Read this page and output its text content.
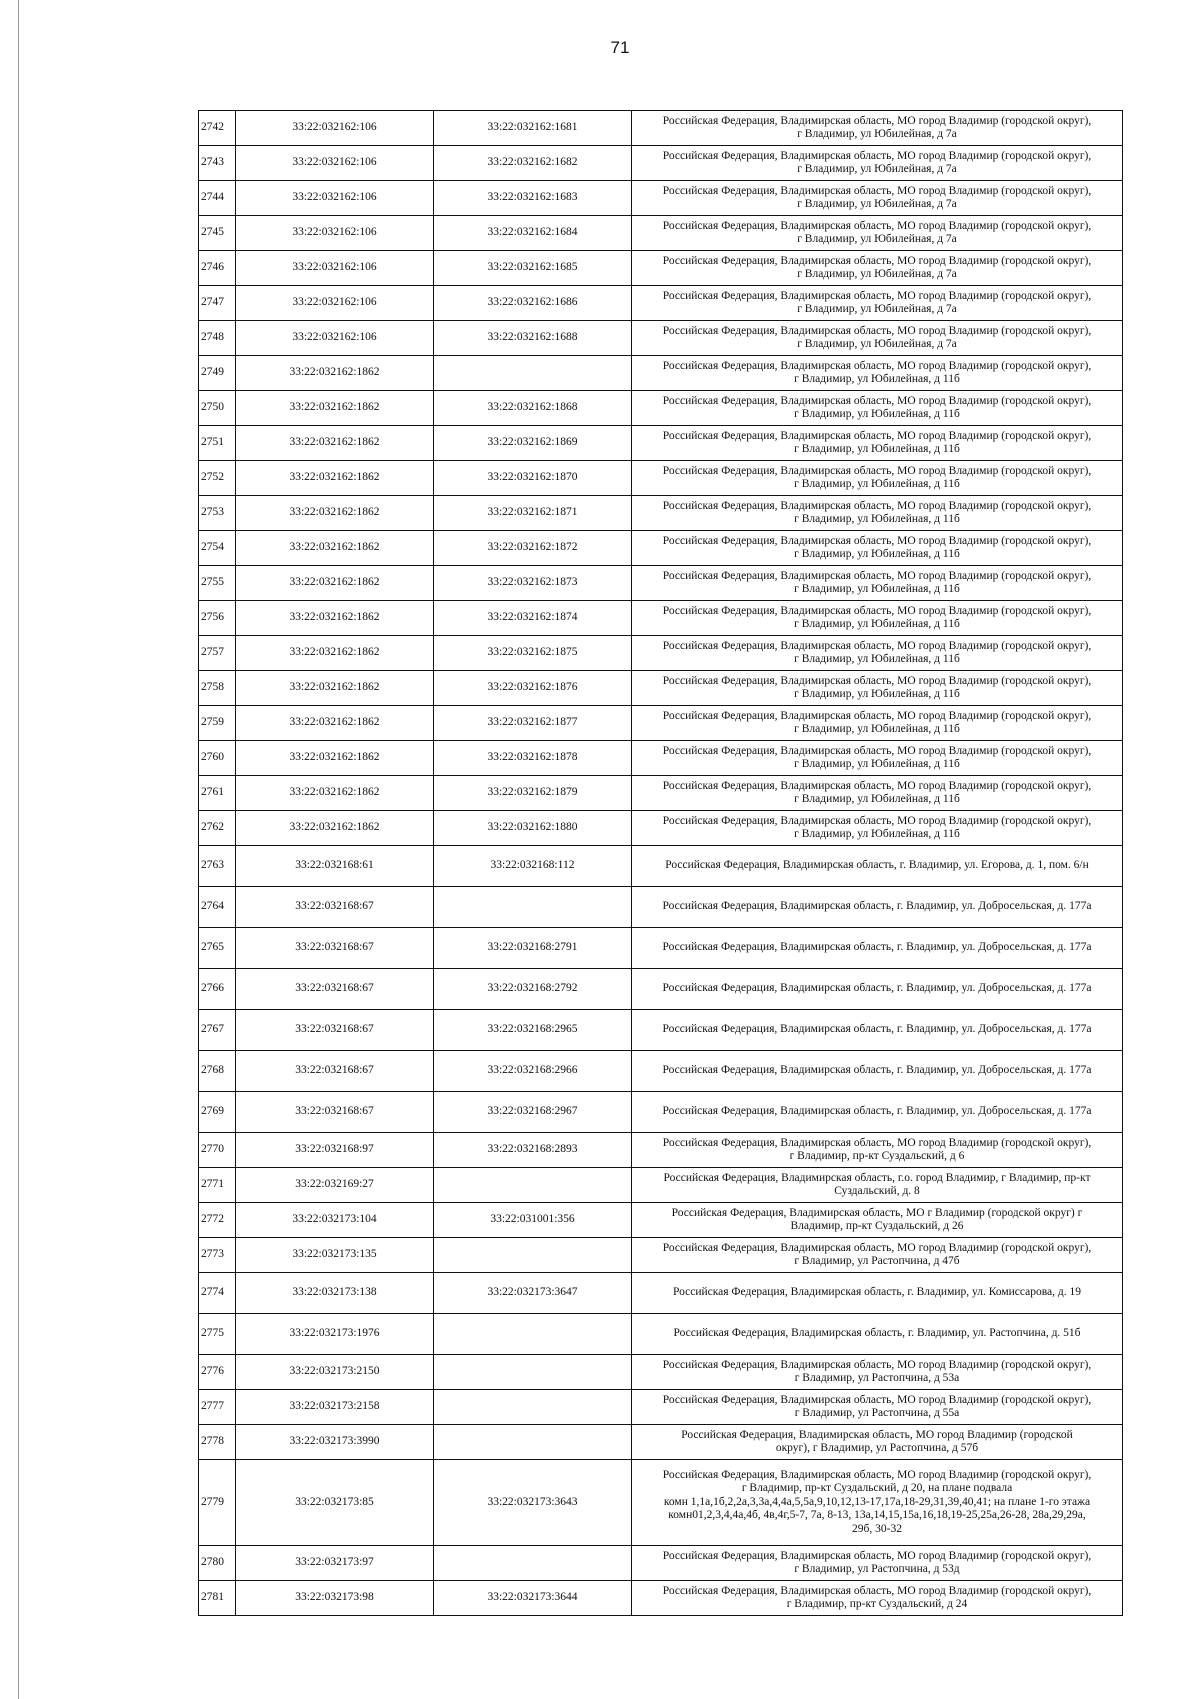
71
2742	33:22:032162:106	33:22:032162:1681	Российская Федерация, Владимирская область, МО город Владимир (городской округ),
г Владимир, ул Юбилейная, д 7а

2743	33:22:032162:106	33:22:032162:1682	Российская Федерация, Владимирская область, МО город Владимир (городской округ),
г Владимир, ул Юбилейная, д 7а

2744	33:22:032162:106	33:22:032162:1683	Российская Федерация, Владимирская область, МО город Владимир (городской округ),
г Владимир, ул Юбилейная, д 7а

2745	33:22:032162:106	33:22:032162:1684	Российская Федерация, Владимирская область, МО город Владимир (городской округ),
г Владимир, ул Юбилейная, д 7а

2746	33:22:032162:106	33:22:032162:1685	Российская Федерация, Владимирская область, МО город Владимир (городской округ),
г Владимир, ул Юбилейная, д 7а

2747	33:22:032162:106	33:22:032162:1686	Российская Федерация, Владимирская область, МО город Владимир (городской округ),
г Владимир, ул Юбилейная, д 7а

2748	33:22:032162:106	33:22:032162:1688	Российская Федерация, Владимирская область, МО город Владимир (городской округ),
г Владимир, ул Юбилейная, д 7а

2749	33:22:032162:1862		Российская Федерация, Владимирская область, МО город Владимир (городской округ),
г Владимир, ул Юбилейная, д 11б

2750	33:22:032162:1862	33:22:032162:1868	Российская Федерация, Владимирская область, МО город Владимир (городской округ),
г Владимир, ул Юбилейная, д 11б

2751	33:22:032162:1862	33:22:032162:1869	Российская Федерация, Владимирская область, МО город Владимир (городской округ),
г Владимир, ул Юбилейная, д 11б

2752	33:22:032162:1862	33:22:032162:1870	Российская Федерация, Владимирская область, МО город Владимир (городской округ),
г Владимир, ул Юбилейная, д 11б

2753	33:22:032162:1862	33:22:032162:1871	Российская Федерация, Владимирская область, МО город Владимир (городской округ),
г Владимир, ул Юбилейная, д 11б

2754	33:22:032162:1862	33:22:032162:1872	Российская Федерация, Владимирская область, МО город Владимир (городской округ),
г Владимир, ул Юбилейная, д 11б

2755	33:22:032162:1862	33:22:032162:1873	Российская Федерация, Владимирская область, МО город Владимир (городской округ),
г Владимир, ул Юбилейная, д 11б

2756	33:22:032162:1862	33:22:032162:1874	Российская Федерация, Владимирская область, МО город Владимир (городской округ),
г Владимир, ул Юбилейная, д 11б

2757	33:22:032162:1862	33:22:032162:1875	Российская Федерация, Владимирская область, МО город Владимир (городской округ),
г Владимир, ул Юбилейная, д 11б

2758	33:22:032162:1862	33:22:032162:1876	Российская Федерация, Владимирская область, МО город Владимир (городской округ),
г Владимир, ул Юбилейная, д 11б

2759	33:22:032162:1862	33:22:032162:1877	Российская Федерация, Владимирская область, МО город Владимир (городской округ),
г Владимир, ул Юбилейная, д 11б

2760	33:22:032162:1862	33:22:032162:1878	Российская Федерация, Владимирская область, МО город Владимир (городской округ),
г Владимир, ул Юбилейная, д 11б

2761	33:22:032162:1862	33:22:032162:1879	Российская Федерация, Владимирская область, МО город Владимир (городской округ),
г Владимир, ул Юбилейная, д 11б

2762	33:22:032162:1862	33:22:032162:1880	Российская Федерация, Владимирская область, МО город Владимир (городской округ),
г Владимир, ул Юбилейная, д 11б

2763	33:22:032168:61	33:22:032168:112	Российская Федерация, Владимирская область, г. Владимир, ул. Егорова, д. 1, пом. 6/н

2764	33:22:032168:67		Российская Федерация, Владимирская область, г. Владимир, ул. Добросельская, д. 177а

2765	33:22:032168:67	33:22:032168:2791	Российская Федерация, Владимирская область, г. Владимир, ул. Добросельская, д. 177а

2766	33:22:032168:67	33:22:032168:2792	Российская Федерация, Владимирская область, г. Владимир, ул. Добросельская, д. 177а

2767	33:22:032168:67	33:22:032168:2965	Российская Федерация, Владимирская область, г. Владимир, ул. Добросельская, д. 177а

2768	33:22:032168:67	33:22:032168:2966	Российская Федерация, Владимирская область, г. Владимир, ул. Добросельская, д. 177а

2769	33:22:032168:67	33:22:032168:2967	Российская Федерация, Владимирская область, г. Владимир, ул. Добросельская, д. 177а

2770	33:22:032168:97	33:22:032168:2893	Российская Федерация, Владимирская область, МО город Владимир (городской округ),
г Владимир, пр-кт Суздальский, д 6

2771	33:22:032169:27		Российская Федерация, Владимирская область, г.о. город Владимир, г Владимир, пр-кт
Суздальский, д. 8

2772	33:22:032173:104	33:22:031001:356	Российская Федерация, Владимирская область, МО г Владимир (городской округ) г
Владимир, пр-кт Суздальский, д 26

2773	33:22:032173:135		Российская Федерация, Владимирская область, МО город Владимир (городской округ),
г Владимир, ул Растопчина, д 47б

2774	33:22:032173:138	33:22:032173:3647	Российская Федерация, Владимирская область, г. Владимир, ул. Комиссарова, д. 19

2775	33:22:032173:1976		Российская Федерация, Владимирская область, г. Владимир, ул. Растопчина, д. 51б

2776	33:22:032173:2150		Российская Федерация, Владимирская область, МО город Владимир (городской округ),
г Владимир, ул Растопчина, д 53а

2777	33:22:032173:2158		Российская Федерация, Владимирская область, МО город Владимир (городской округ),
г Владимир, ул Растопчина, д 55а

2778	33:22:032173:3990		Российская Федерация, Владимирская область, МО город Владимир (городской
округ), г Владимир, ул Растопчина, д 57б

2779	33:22:032173:85	33:22:032173:3643	Российская Федерация, Владимирская область, МО город Владимир (городской округ),
г Владимир, пр-кт Суздальский, д 20, на плане подвала
комн 1,1а,1б,2,2а,3,3а,4,4а,5,5а,9,10,12,13-17,17а,18-29,31,39,40,41; на плане 1-го этажа
комн01,2,3,4,4а,4б, 4в,4г,5-7, 7а, 8-13, 13а,14,15,15а,16,18,19-25,25а,26-28, 28а,29,29а,
29б, 30-32

2780	33:22:032173:97		Российская Федерация, Владимирская область, МО город Владимир (городской округ),
г Владимир, ул Растопчина, д 53д

2781	33:22:032173:98	33:22:032173:3644	Российская Федерация, Владимирская область, МО город Владимир (городской округ),
г Владимир, пр-кт Суздальский, д 24
